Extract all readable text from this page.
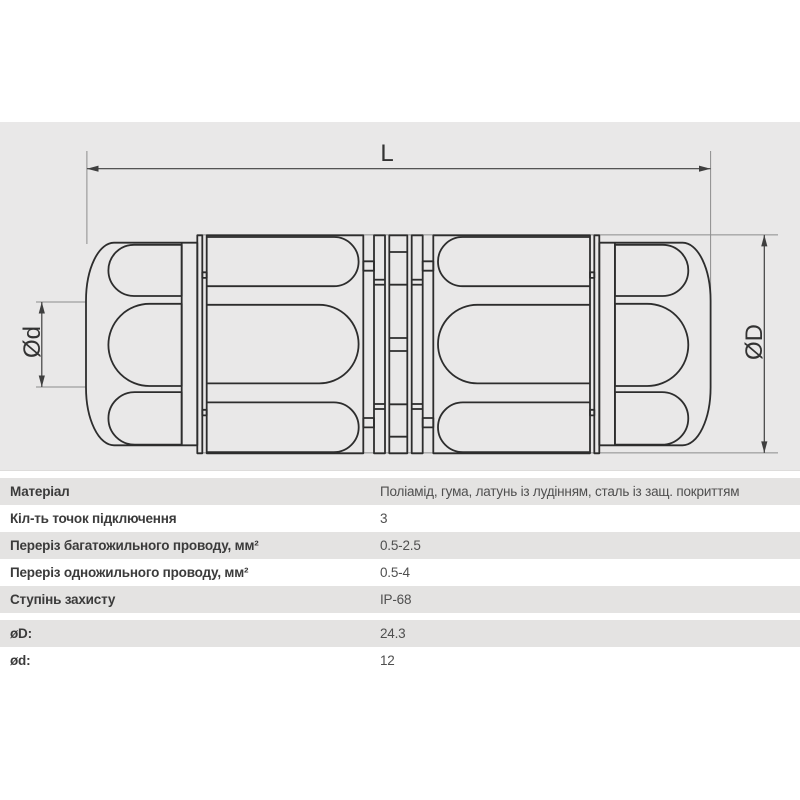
L
Ød	ØD
Матеріал	Поліамід, гума, латунь із лудінням, сталь із защ. покриттям
Кіл-ть точок підключення	3
Переріз багатожильного проводу, мм²	0.5-2.5
Переріз одножильного проводу, мм²	0.5-4
Ступінь захисту	IP-68
øD:	24.3
ød:	12
